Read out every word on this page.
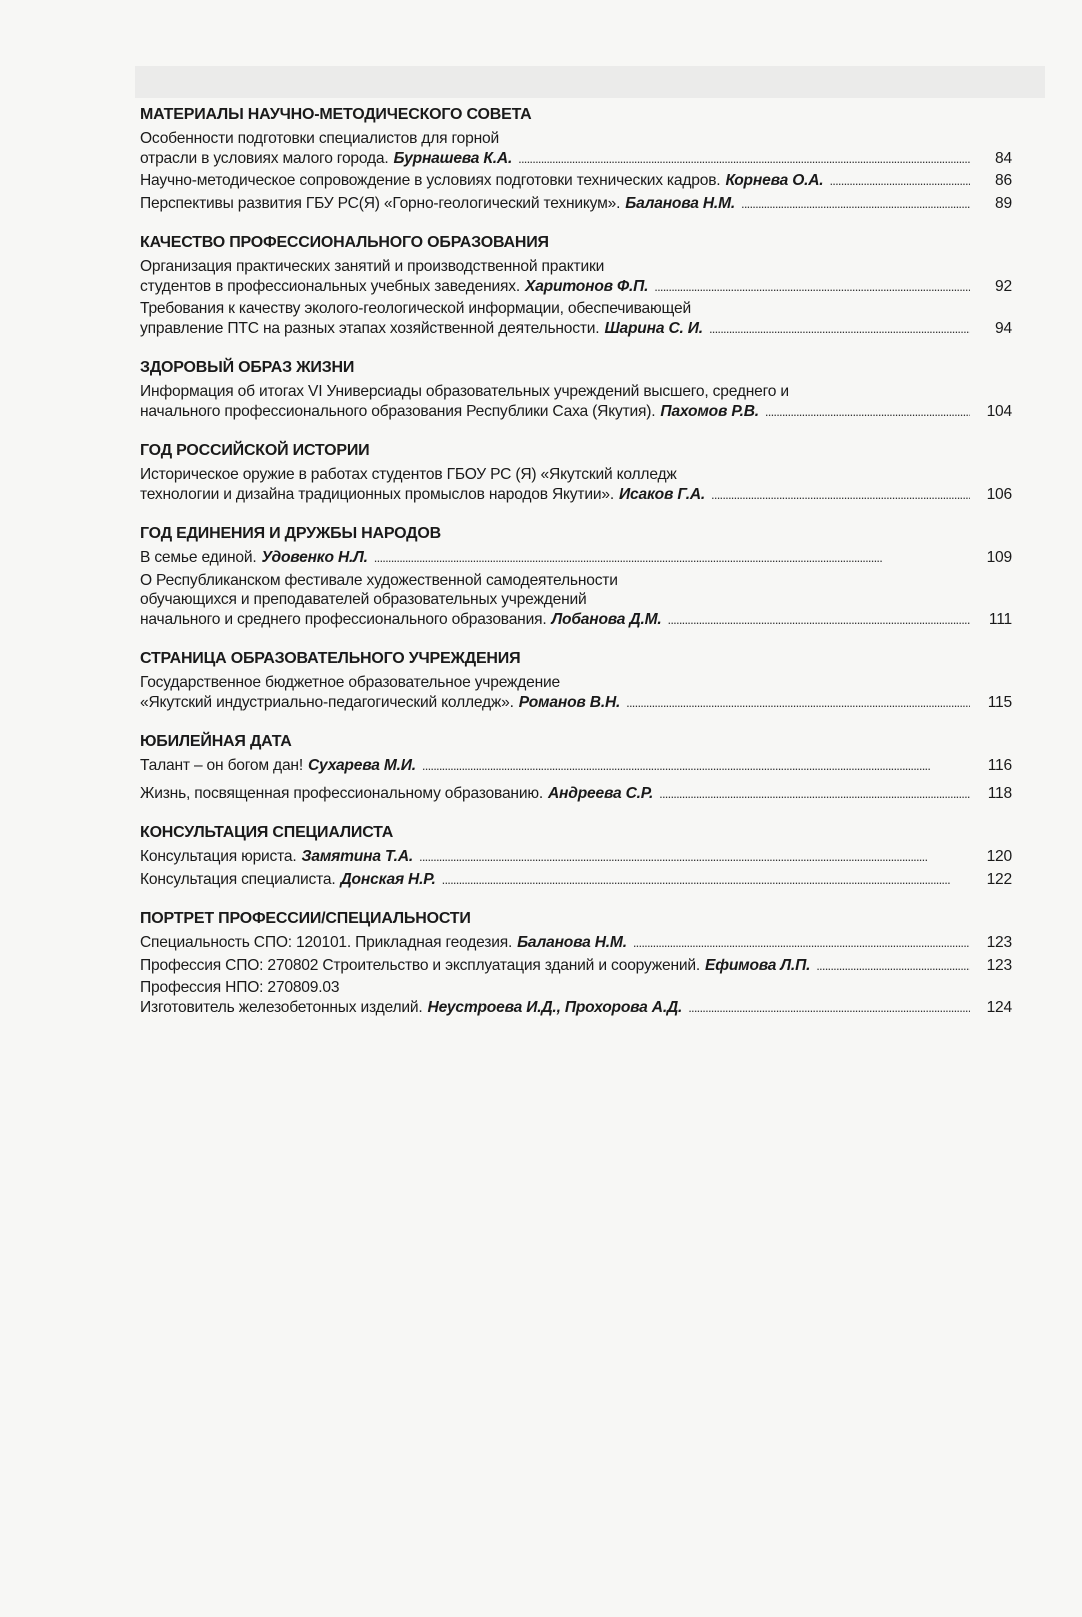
МАТЕРИАЛЫ НАУЧНО-МЕТОДИЧЕСКОГО СОВЕТА
Особенности подготовки специалистов для горной
отрасли в условиях малого города. Бурнашева К.А. . . .	84
Научно-методическое сопровождение в условиях подготовки технических кадров. Корнева О.А. . . .	86
Перспективы развития ГБУ РС(Я) «Горно-геологический техникум». Баланова Н.М. . . .	89
КАЧЕСТВО ПРОФЕССИОНАЛЬНОГО ОБРАЗОВАНИЯ
Организация практических занятий и производственной практики
студентов в профессиональных учебных заведениях. Харитонов Ф.П. . . .	92
Требования к качеству эколого-геологической информации, обеспечивающей
управление ПТС на разных этапах хозяйственной деятельности. Шарина С. И. . . .	94
ЗДОРОВЫЙ ОБРАЗ ЖИЗНИ
Информация об итогах VI Универсиады образовательных учреждений высшего, среднего и
начального профессионального образования Республики Саха (Якутия). Пахомов Р.В. . . .	104
ГОД РОССИЙСКОЙ ИСТОРИИ
Историческое оружие в работах студентов ГБОУ РС (Я) «Якутский колледж
технологии и дизайна традиционных промыслов народов Якутии». Исаков Г.А. . . .	106
ГОД ЕДИНЕНИЯ И ДРУЖБЫ НАРОДОВ
В семье единой. Удовенко Н.Л. . . .	109
О Республиканском фестивале художественной самодеятельности
обучающихся и преподавателей образовательных учреждений
начального и среднего профессионального образования. Лобанова Д.М. . . .	111
СТРАНИЦА ОБРАЗОВАТЕЛЬНОГО УЧРЕЖДЕНИЯ
Государственное бюджетное образовательное учреждение
«Якутский индустриально-педагогический колледж». Романов В.Н. . . .	115
ЮБИЛЕЙНАЯ ДАТА
Талант – он богом дан! Сухарева М.И. . . .	116
Жизнь, посвященная профессиональному образованию. Андреева С.Р. . . .	118
КОНСУЛЬТАЦИЯ СПЕЦИАЛИСТА
Консультация юриста. Замятина Т.А. . . .	120
Консультация специалиста. Донская Н.Р. . . .	122
ПОРТРЕТ ПРОФЕССИИ/СПЕЦИАЛЬНОСТИ
Специальность СПО: 120101. Прикладная геодезия. Баланова Н.М. . . .	123
Профессия СПО: 270802 Строительство и эксплуатация зданий и сооружений. Ефимова Л.П. . . .	123
Профессия НПО: 270809.03
Изготовитель железобетонных изделий. Неустроева И.Д., Прохорова А.Д. . . .	124
